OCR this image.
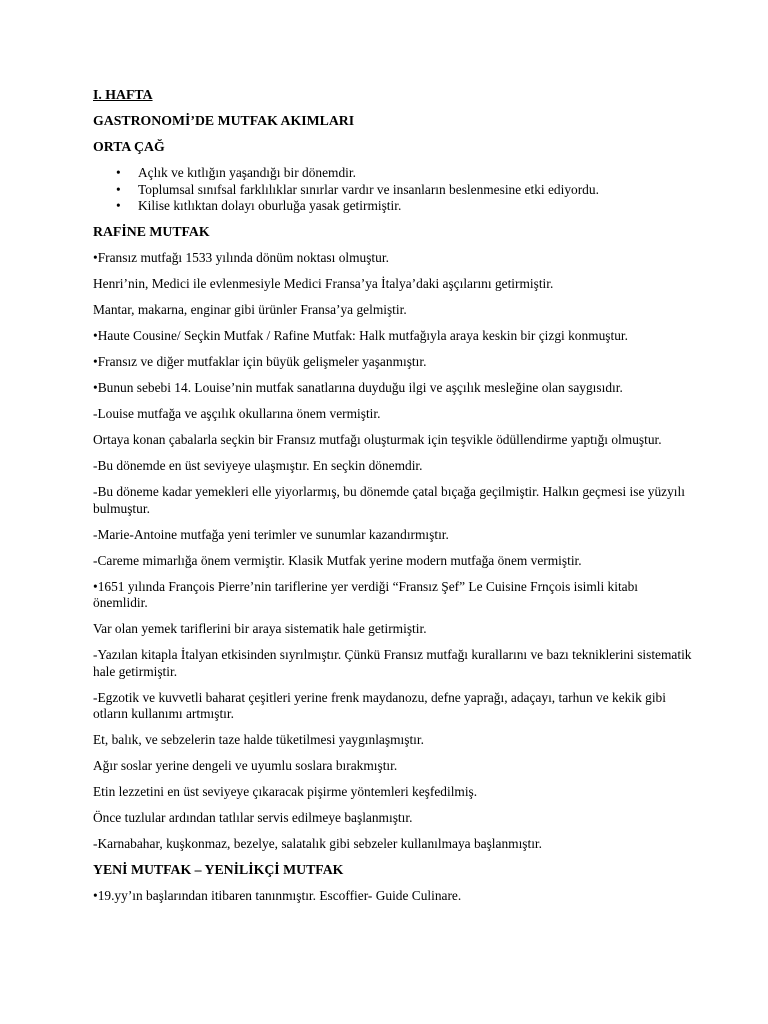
I. HAFTA
GASTRONOMİ’DE MUTFAK AKIMLARI
ORTA ÇAĞ
• Açlık ve kıtlığın yaşandığı bir dönemdir.
• Toplumsal sınıfsal farklılıklar sınırlar vardır ve insanların beslenmesine etki ediyordu.
• Kilise kıtlıktan dolayı oburluğa yasak getirmiştir.
RAFİNE MUTFAK

•Fransız mutfağı 1533 yılında dönüm noktası olmuştur.

Henri’nin, Medici ile evlenmesiyle Medici Fransa’ya İtalya’daki aşçılarını getirmiştir.

Mantar, makarna, enginar gibi ürünler Fransa’ya gelmiştir.

•Haute Cousine/ Seçkin Mutfak / Rafine Mutfak: Halk mutfağıyla araya keskin bir çizgi konmuştur.

•Fransız ve diğer mutfaklar için büyük gelişmeler yaşanmıştır.

•Bunun sebebi 14. Louise’nin mutfak sanatlarına duyduğu ilgi ve aşçılık mesleğine olan saygısıdır.

-Louise mutfağa ve aşçılık okullarına önem vermiştir.

Ortaya konan çabalarla seçkin bir Fransız mutfağı oluşturmak için teşvikle ödüllendirme yaptığı olmuştur.

-Bu dönemde en üst seviyeye ulaşmıştır. En seçkin dönemdir.

-Bu döneme kadar yemekleri elle yiyorlarmış, bu dönemde çatal bıçağa geçilmiştir. Halkın geçmesi ise yüzyılı bulmuştur.

-Marie-Antoine mutfağa yeni terimler ve sunumlar kazandırmıştır.

-Careme mimarlığa önem vermiştir. Klasik Mutfak yerine modern mutfağa önem vermiştir.

•1651 yılında François Pierre’nin tariflerine yer verdiği “Fransız Şef” Le Cuisine Frnçois isimli kitabı önemlidir.

Var olan yemek tariflerini bir araya sistematik hale getirmiştir.

-Yazılan kitapla İtalyan etkisinden sıyrılmıştır. Çünkü Fransız mutfağı kurallarını ve bazı tekniklerini sistematik hale getirmiştir.

-Egzotik ve kuvvetli baharat çeşitleri yerine frenk maydanozu, defne yaprağı, adaçayı, tarhun ve kekik gibi otların kullanımı artmıştır.

Et, balık, ve sebzelerin taze halde tüketilmesi yaygınlaşmıştır.

Ağır soslar yerine dengeli ve uyumlu soslara bırakmıştır.

Etin lezzetini en üst seviyeye çıkaracak pişirme yöntemleri keşfedilmiş.

Önce tuzlular ardından tatlılar servis edilmeye başlanmıştır.

-Karnabahar, kuşkonmaz, bezelye, salatalık gibi sebzeler kullanılmaya başlanmıştır.

YENİ MUTFAK – YENİLİKÇİ MUTFAK

•19.yy’ın başlarından itibaren tanınmıştır. Escoffier- Guide Culinare.
